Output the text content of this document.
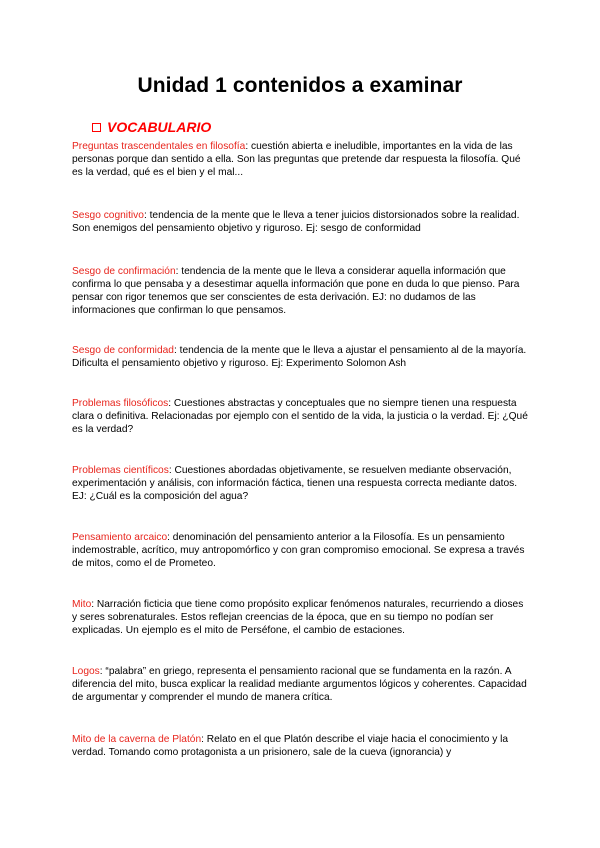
Unidad 1 contenidos a examinar
VOCABULARIO

Preguntas trascendentales en filosofía: cuestión abierta e ineludible, importantes en la vida de las personas porque dan sentido a ella. Son las preguntas que pretende dar respuesta la filosofía. Qué es la verdad, qué es el bien y el mal...

Sesgo cognitivo: tendencia de la mente que le lleva a tener juicios distorsionados sobre la realidad. Son enemigos del pensamiento objetivo y riguroso. Ej: sesgo de conformidad

Sesgo de confirmación: tendencia de la mente que le lleva a considerar aquella información que confirma lo que pensaba y a desestimar aquella información que pone en duda lo que pienso. Para pensar con rigor tenemos que ser conscientes de esta derivación. EJ: no dudamos de las informaciones que confirman lo que pensamos.

Sesgo de conformidad: tendencia de la mente que le lleva a ajustar el pensamiento al de la mayoría. Dificulta el pensamiento objetivo y riguroso. Ej: Experimento Solomon Ash

Problemas filosóficos: Cuestiones abstractas y conceptuales que no siempre tienen una respuesta clara o definitiva. Relacionadas por ejemplo con el sentido de la vida, la justicia o la verdad. Ej: ¿Qué es la verdad?

Problemas científicos: Cuestiones abordadas objetivamente, se resuelven mediante observación, experimentación y análisis, con información fáctica, tienen una respuesta correcta mediante datos. EJ: ¿Cuál es la composición del agua?

Pensamiento arcaico: denominación del pensamiento anterior a la Filosofía. Es un pensamiento indemostrable, acrítico, muy antropomórfico y con gran compromiso emocional. Se expresa a través de mitos, como el de Prometeo.

Mito: Narración ficticia que tiene como propósito explicar fenómenos naturales, recurriendo a dioses y seres sobrenaturales. Estos reflejan creencias de la época, que en su tiempo no podían ser explicadas. Un ejemplo es el mito de Perséfone, el cambio de estaciones.

Logos: “palabra” en griego, representa el pensamiento racional que se fundamenta en la razón. A diferencia del mito, busca explicar la realidad mediante argumentos lógicos y coherentes. Capacidad de argumentar y comprender el mundo de manera crítica.

Mito de la caverna de Platón: Relato en el que Platón describe el viaje hacia el conocimiento y la verdad. Tomando como protagonista a un prisionero, sale de la cueva (ignorancia) y
